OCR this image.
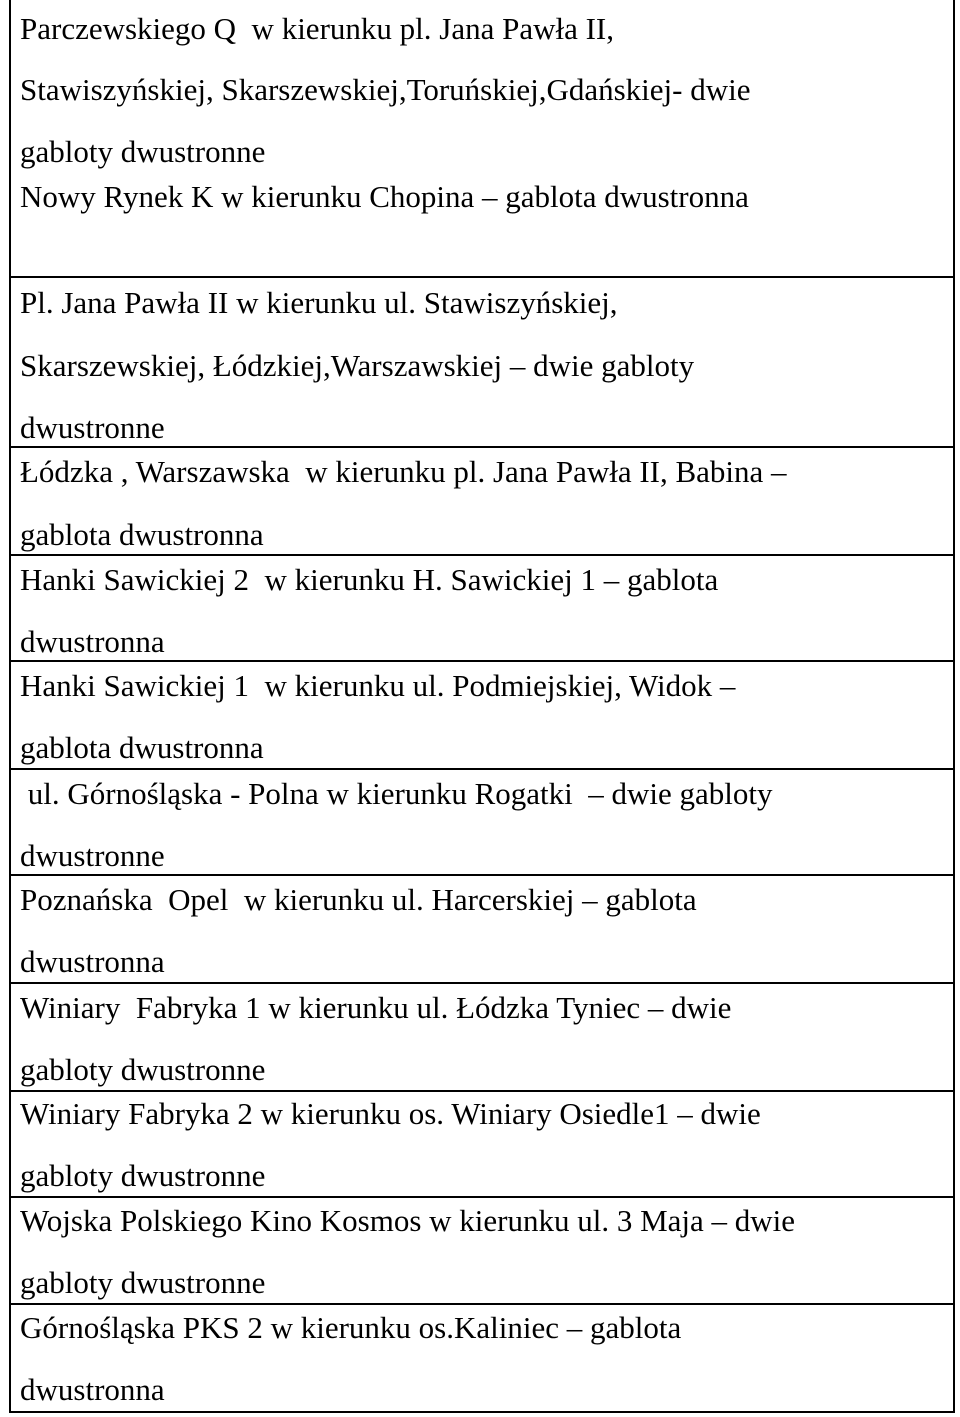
Parczewskiego Q  w kierunku pl. Jana Pawła II,
Stawiszyńskiej, Skarszewskiej,Toruńskiej,Gdańskiej- dwie
gabloty dwustronne
Nowy Rynek K w kierunku Chopina – gablota dwustronna
Pl. Jana Pawła II w kierunku ul. Stawiszyńskiej,
Skarszewskiej, Łódzkiej,Warszawskiej – dwie gabloty
dwustronne
Łódzka , Warszawska  w kierunku pl. Jana Pawła II, Babina –
gablota dwustronna
Hanki Sawickiej 2  w kierunku H. Sawickiej 1 – gablota
dwustronna
Hanki Sawickiej 1  w kierunku ul. Podmiejskiej, Widok –
gablota dwustronna
ul. Górnośląska - Polna w kierunku Rogatki  – dwie gabloty
dwustronne
Poznańska  Opel  w kierunku ul. Harcerskiej – gablota
dwustronna
Winiary  Fabryka 1 w kierunku ul. Łódzka Tyniec – dwie
gabloty dwustronne
Winiary Fabryka 2 w kierunku os. Winiary Osiedle1 – dwie
gabloty dwustronne
Wojska Polskiego Kino Kosmos w kierunku ul. 3 Maja – dwie
gabloty dwustronne
Górnośląska PKS 2 w kierunku os.Kaliniec – gablota
dwustronna
